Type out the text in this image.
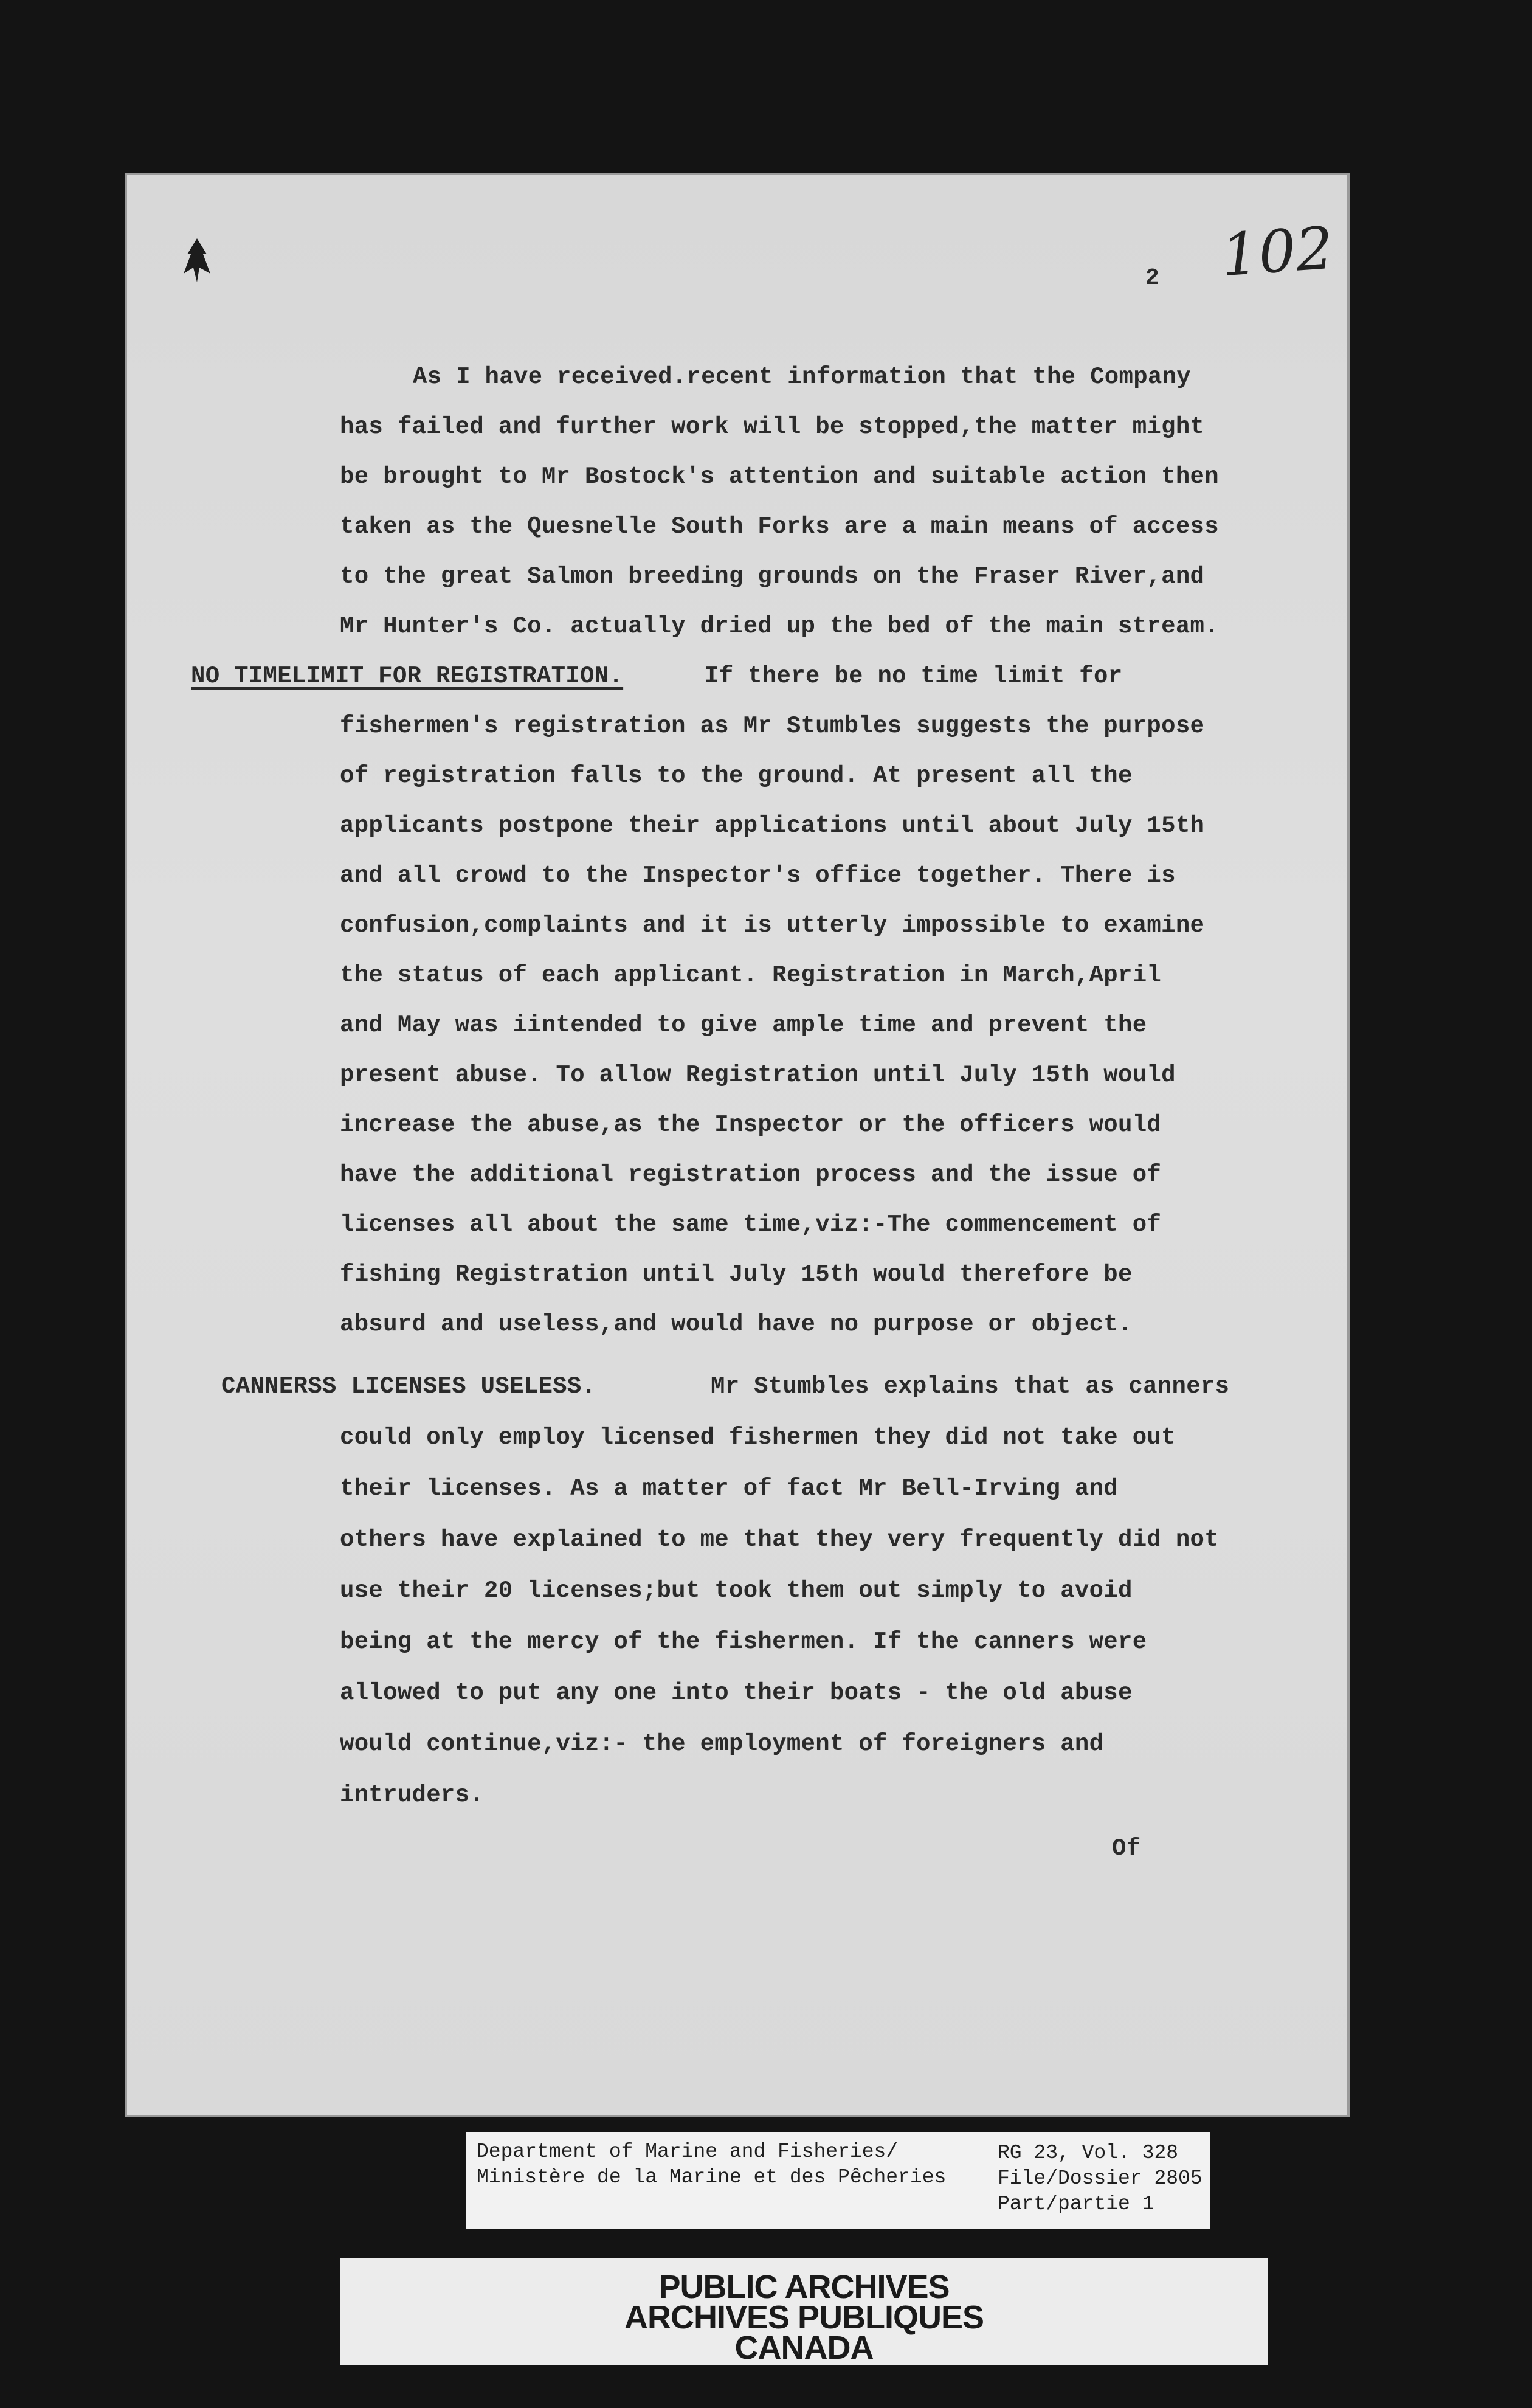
2 102
As I have received.recent information that the Company
has failed and further work will be stopped,the matter might
be brought to Mr Bostock's attention and suitable action then
taken as the Quesnelle South Forks are a main means of access
to the great Salmon breeding grounds on the Fraser River,and
Mr Hunter's Co. actually dried up the bed of the main stream.
NO TIMELIMIT FOR REGISTRATION.	If there be no time limit for
fishermen's registration as Mr Stumbles suggests the purpose
of registration falls to the ground. At present all the
applicants postpone their applications until about July 15th
and all crowd to the Inspector's office together. There is
confusion,complaints and it is utterly impossible to examine
the status of each applicant. Registration in March,April
and May was iintended to give ample time and prevent the
present abuse. To allow Registration until July 15th would
increase the abuse,as the Inspector or the officers would
have the additional registration process and the issue of
licenses all about the same time,viz:-The commencement of
fishing Registration until July 15th would therefore be
absurd and useless,and would have no purpose or object.
CANNERSS LICENSES USELESS.	Mr Stumbles explains that as canners
could only employ licensed fishermen they did not take out
their licenses. As a matter of fact Mr Bell-Irving and
others have explained to me that they very frequently did not
use their 20 licenses;but took them out simply to avoid
being at the mercy of the fishermen. If the canners were
allowed to put any one into their boats - the old abuse
would continue,viz:- the employment of foreigners and
intruders.
Of
Department of Marine and Fisheries/
Ministère de la Marine et des Pêcheries
RG 23, Vol. 328
File/Dossier 2805
Part/partie 1
PUBLIC ARCHIVES
ARCHIVES PUBLIQUES
CANADA
